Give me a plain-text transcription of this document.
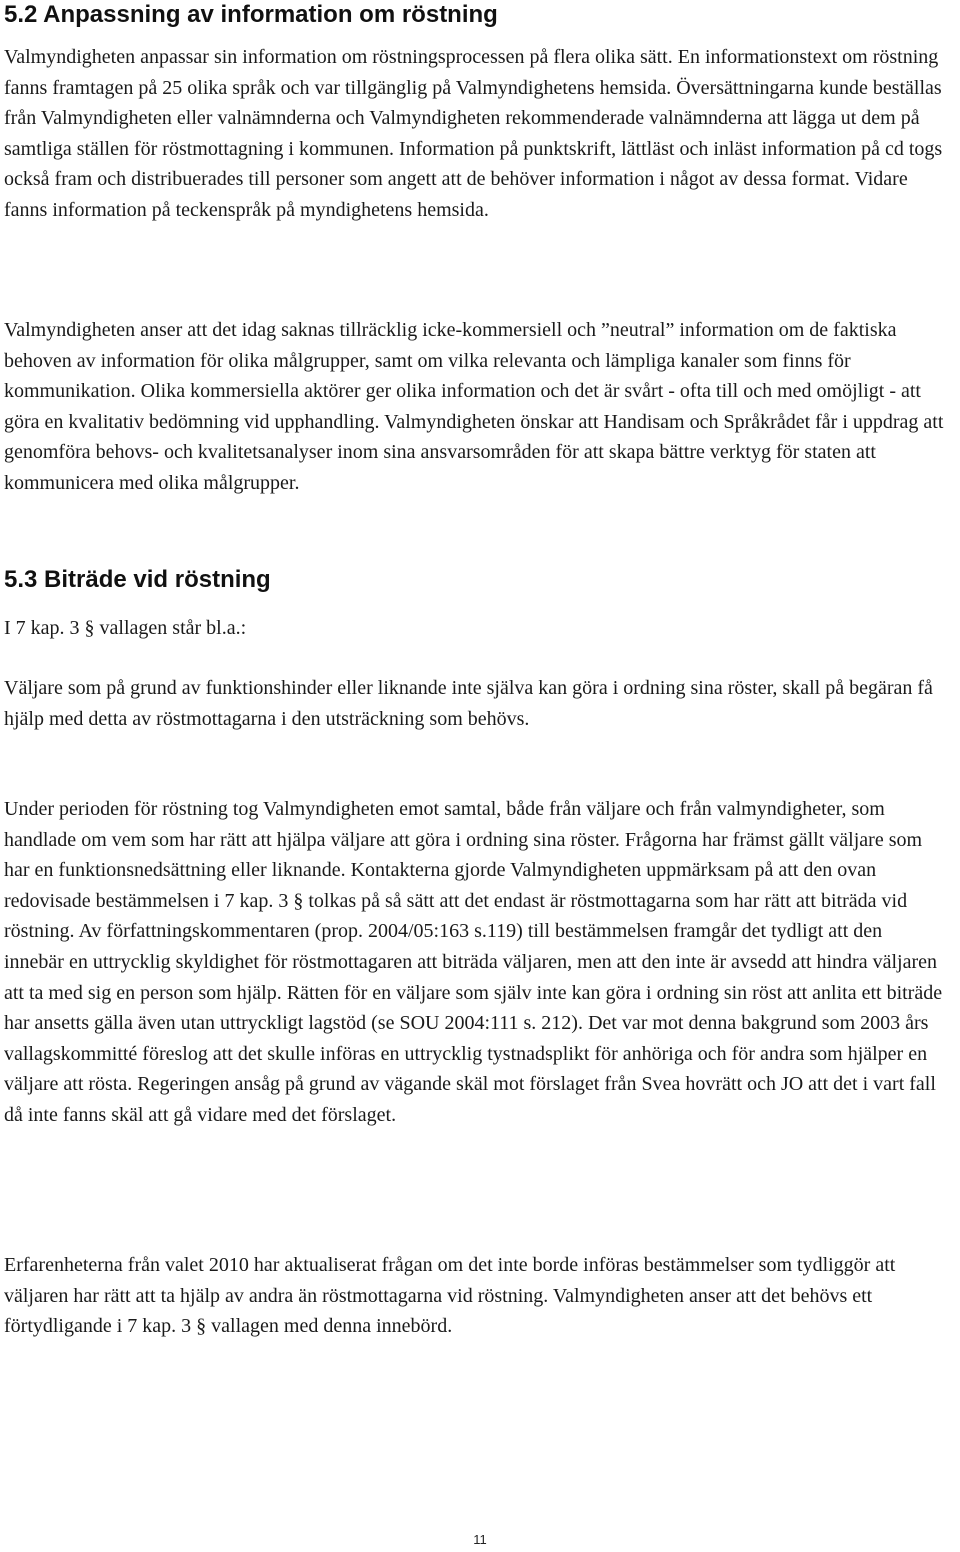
5.2 Anpassning av information om röstning

Valmyndigheten anpassar sin information om röstningsprocessen på flera olika sätt. En informationstext om röstning fanns framtagen på 25 olika språk och var tillgänglig på Valmyndighetens hemsida. Översättningarna kunde beställas från Valmyndigheten eller valnämnderna och Valmyndigheten rekommenderade valnämnderna att lägga ut dem på samtliga ställen för röstmottagning i kommunen. Information på punktskrift, lättläst och inläst information på cd togs också fram och distribuerades till personer som angett att de behöver information i något av dessa format. Vidare fanns information på teckenspråk på myndighetens hemsida.

Valmyndigheten anser att det idag saknas tillräcklig icke-kommersiell och ”neutral” information om de faktiska behoven av information för olika målgrupper, samt om vilka relevanta och lämpliga kanaler som finns för kommunikation. Olika kommersiella aktörer ger olika information och det är svårt - ofta till och med omöjligt - att göra en kvalitativ bedömning vid upphandling. Valmyndigheten önskar att Handisam och Språkrådet får i uppdrag att genomföra behovs- och kvalitetsanalyser inom sina ansvarsområden för att skapa bättre verktyg för staten att kommunicera med olika målgrupper.

5.3 Biträde vid röstning

I 7 kap. 3 § vallagen står bl.a.:

Väljare som på grund av funktionshinder eller liknande inte själva kan göra i ordning sina röster, skall på begäran få hjälp med detta av röstmottagarna i den utsträckning som behövs.

Under perioden för röstning tog Valmyndigheten emot samtal, både från väljare och från valmyndigheter, som handlade om vem som har rätt att hjälpa väljare att göra i ordning sina röster. Frågorna har främst gällt väljare som har en funktionsnedsättning eller liknande. Kontakterna gjorde Valmyndigheten uppmärksam på att den ovan redovisade bestämmelsen i 7 kap. 3 § tolkas på så sätt att det endast är röstmottagarna som har rätt att biträda vid röstning. Av författningskommentaren (prop. 2004/05:163 s.119) till bestämmelsen framgår det tydligt att den innebär en uttrycklig skyldighet för röstmottagaren att biträda väljaren, men att den inte är avsedd att hindra väljaren att ta med sig en person som hjälp. Rätten för en väljare som själv inte kan göra i ordning sin röst att anlita ett biträde har ansetts gälla även utan uttryckligt lagstöd (se SOU 2004:111 s. 212). Det var mot denna bakgrund som 2003 års vallagskommitté föreslog att det skulle införas en uttrycklig tystnadsplikt för anhöriga och för andra som hjälper en väljare att rösta. Regeringen ansåg på grund av vägande skäl mot förslaget från Svea hovrätt och JO att det i vart fall då inte fanns skäl att gå vidare med det förslaget.

Erfarenheterna från valet 2010 har aktualiserat frågan om det inte borde införas bestämmelser som tydliggör att väljaren har rätt att ta hjälp av andra än röstmottagarna vid röstning. Valmyndigheten anser att det behövs ett förtydligande i 7 kap. 3 § vallagen med denna innebörd.

11
